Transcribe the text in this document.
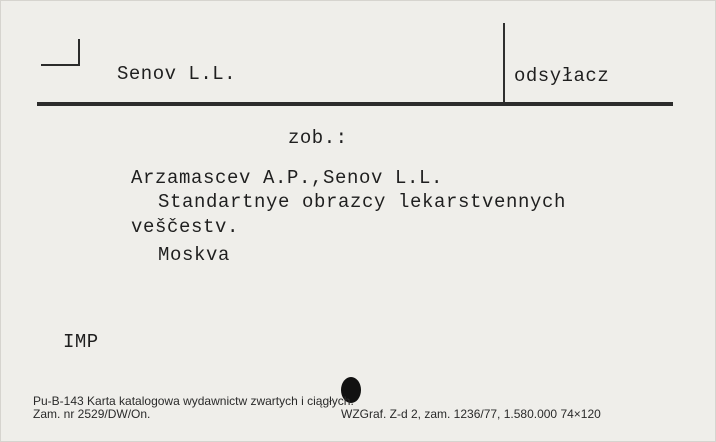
Senov L.L.	odsyłacz
zob.:
Arzamascev A.P.,Senov L.L.
Standartnye obrazcy lekarstvennych
veščestv.
Moskva
IMP
Pu-B-143 Karta katalogowa wydawnictw zwartych i ciągłych.
Zam. nr 2529/DW/On.	WZGraf. Z-d 2, zam. 1236/77, 1.580.000 74×120
